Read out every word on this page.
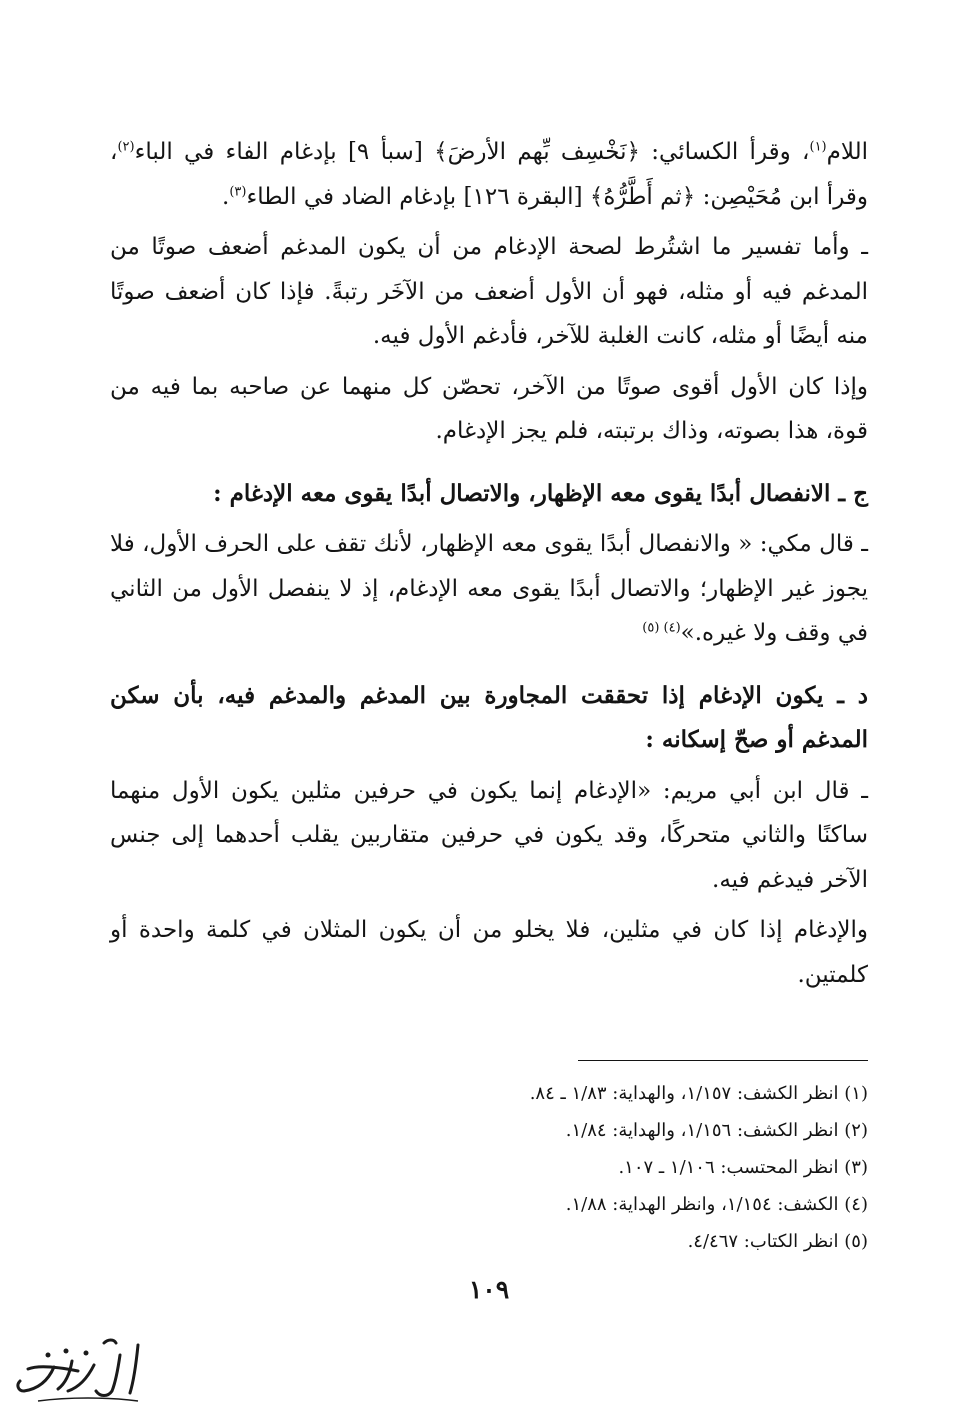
اللام$^{(١)}$، وقرأ الكسائي: ﴿نَخْسِف بِّهم الأرضَ﴾ [سبأ ٩] بإدغام الفاء في الباء$^{(٢)}$، وقرأ ابن مُحَيْصِن: ﴿ثم أَطَّرُّهُ﴾ [البقرة ١٢٦] بإدغام الضاد في الطاء$^{(٣)}$.

ـ وأما تفسير ما اشتُرط لصحة الإدغام من أن يكون المدغم أضعف صوتًا من المدغم فيه أو مثله، فهو أن الأول أضعف من الآخَر رتبةً. فإذا كان أضعف صوتًا منه أيضًا أو مثله، كانت الغلبة للآخر، فأدغم الأول فيه.

وإذا كان الأول أقوى صوتًا من الآخر، تحصّن كل منهما عن صاحبه بما فيه من قوة، هذا بصوته، وذاك برتبته، فلم يجز الإدغام.

ج ـ الانفصال أبدًا يقوى معه الإظهار، والاتصال أبدًا يقوى معه الإدغام :

ـ قال مكي: « والانفصال أبدًا يقوى معه الإظهار، لأنك تقف على الحرف الأول، فلا يجوز غير الإظهار؛ والاتصال أبدًا يقوى معه الإدغام، إذ لا ينفصل الأول من الثاني في وقف ولا غيره.»$^{(٤) (٥)}$

د ـ يكون الإدغام إذا تحققت المجاورة بين المدغم والمدغم فيه، بأن سكن المدغم أو صحّ إسكانه :

ـ قال ابن أبي مريم: «الإدغام إنما يكون في حرفين مثلين يكون الأول منهما ساكنًا والثاني متحركًا، وقد يكون في حرفين متقاربين يقلب أحدهما إلى جنس الآخر فيدغم فيه.

والإدغام إذا كان في مثلين، فلا يخلو من أن يكون المثلان في كلمة واحدة أو كلمتين.

(١) انظر الكشف: ١/١٥٧، والهداية: ١/٨٣ ـ ٨٤.

(٢) انظر الكشف: ١/١٥٦، والهداية: ١/٨٤.

(٣) انظر المحتسب: ١/١٠٦ ـ ١٠٧.

(٤) الكشف: ١/١٥٤، وانظر الهداية: ١/٨٨.

(٥) انظر الكتاب: ٤/٤٦٧.

١٠٩
